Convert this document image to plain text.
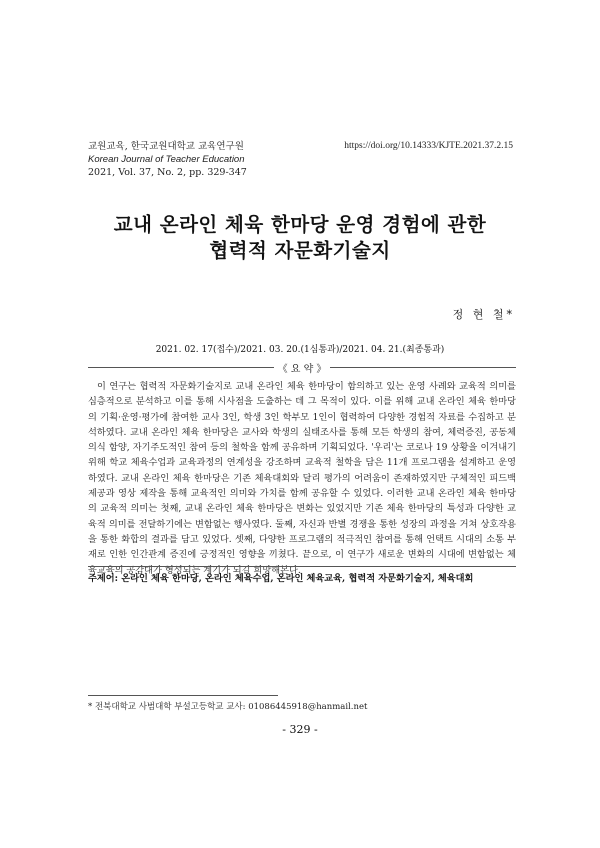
교원교육, 한국교원대학교 교육연구원
Korean Journal of Teacher Education
2021, Vol. 37, No. 2, pp. 329-347
https://doi.org/10.14333/KJTE.2021.37.2.15
교내 온라인 체육 한마당 운영 경험에 관한
협력적 자문화기술지
정 현 철*
2021. 02. 17(접수)/2021. 03. 20.(1심통과)/2021. 04. 21.(최종통과)
《 요 약 》

이 연구는 협력적 자문화기술지로 교내 온라인 체육 한마당이 함의하고 있는 운영 사례와 교육적 의미를 심층적으로 분석하고 이를 통해 시사점을 도출하는 데 그 목적이 있다. 이를 위해 교내 온라인 체육 한마당의 기획·운영·평가에 참여한 교사 3인, 학생 3인 학부모 1인이 협력하여 다양한 경험적 자료를 수집하고 분석하였다. 교내 온라인 체육 한마당은 교사와 학생의 실태조사를 통해 모든 학생의 참여, 체력증진, 공동체 의식 함양, 자기주도적인 참여 등의 철학을 함께 공유하며 기획되었다. '우리'는 코로나 19 상황을 이겨내기 위해 학교 체육수업과 교육과정의 연계성을 강조하며 교육적 철학을 담은 11개 프로그램을 설계하고 운영하였다. 교내 온라인 체육 한마당은 기존 체육대회와 달리 평가의 어려움이 존재하였지만 구체적인 피드백 제공과 영상 제작을 통해 교육적인 의미와 가치를 함께 공유할 수 있었다. 이러한 교내 온라인 체육 한마당의 교육적 의미는 첫째, 교내 온라인 체육 한마당은 변화는 있었지만 기존 체육 한마당의 특성과 다양한 교육적 의미를 전달하기에는 변함없는 행사였다. 둘째, 자신과 반별 경쟁을 통한 성장의 과정을 거쳐 상호작용을 통한 화합의 결과를 담고 있었다. 셋째, 다양한 프로그램의 적극적인 참여를 통해 언택트 시대의 소통 부재로 인한 인간관계 증진에 긍정적인 영향을 끼쳤다. 끝으로, 이 연구가 새로운 변화의 시대에 변함없는 체육교육의 공감대가 형성되는 계기가 되길 희망해본다.

주제어: 온라인 체육 한마당, 온라인 체육수업, 온라인 체육교육, 협력적 자문화기술지, 체육대회
* 전북대학교 사범대학 부설고등학교 교사: 01086445918@hanmail.net
- 329 -
